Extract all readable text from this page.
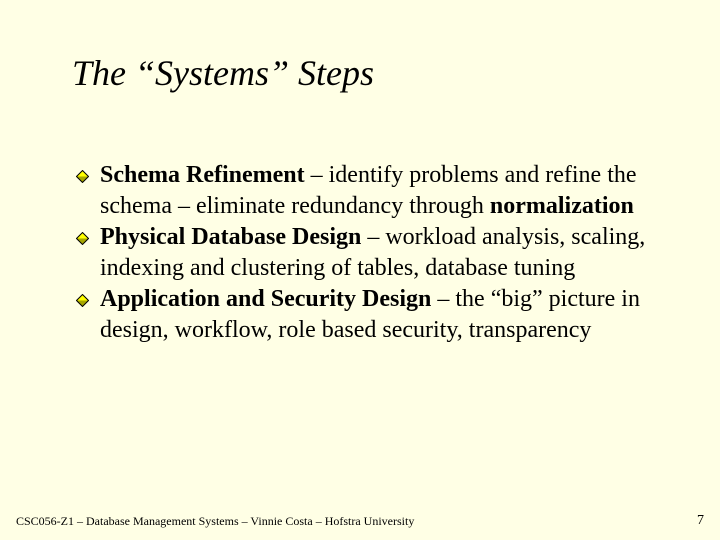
The “Systems” Steps
Schema Refinement – identify problems and refine the schema – eliminate redundancy through normalization
Physical Database Design – workload analysis, scaling, indexing and clustering of tables, database tuning
Application and Security Design – the “big” picture in design, workflow, role based security, transparency
CSC056-Z1 – Database Management Systems – Vinnie Costa – Hofstra University	7
